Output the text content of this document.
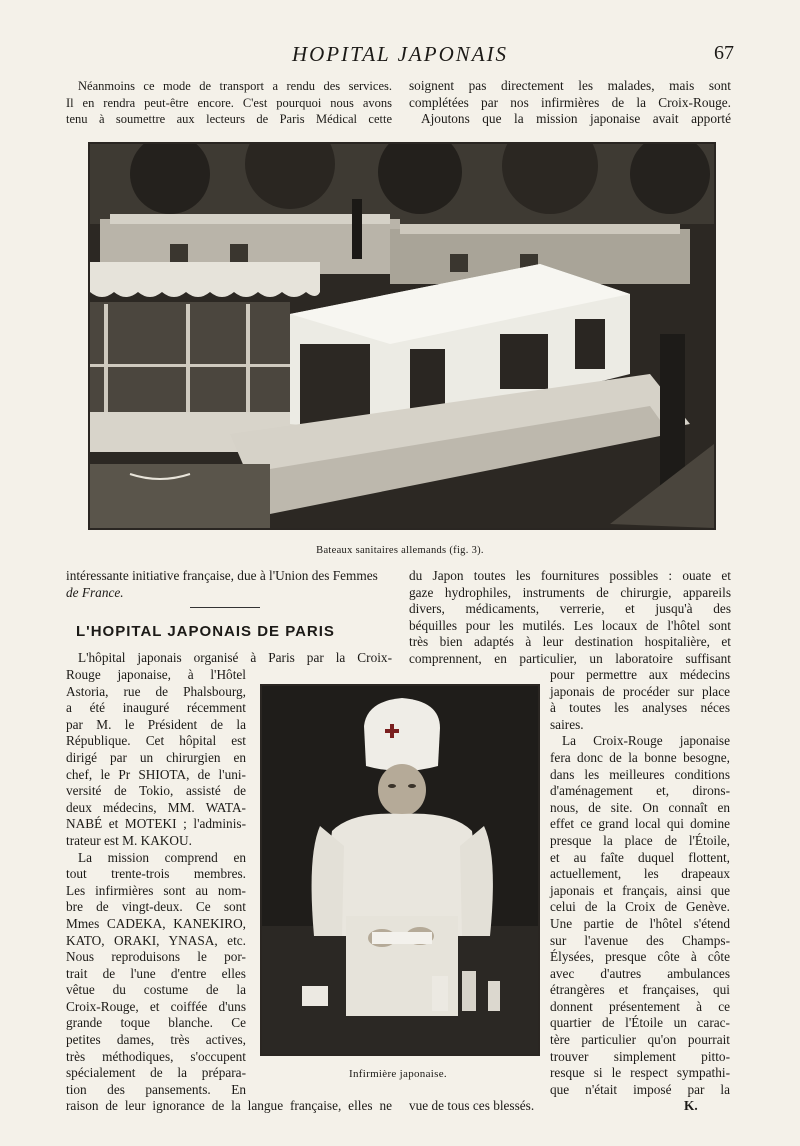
HOPITAL JAPONAIS	67
Néanmoins ce mode de transport a rendu des services.
Il en rendra peut-être encore. C'est pourquoi nous avons
tenu à soumettre aux lecteurs de Paris Médical cette
soignent pas directement les malades, mais sont
complétées par nos infirmières de la Croix-Rouge.
Ajoutons que la mission japonaise avait apporté
Bateaux sanitaires allemands (fig. 3).
intéressante initiative française, due à l'Union des Femmes
de France.
L'HOPITAL JAPONAIS DE PARIS
du Japon toutes les fournitures possibles : ouate et
gaze hydrophiles, instruments de chirurgie, appareils
divers, médicaments, verrerie, et jusqu'à des
béquilles pour les mutilés. Les locaux de l'hôtel sont
très bien adaptés à leur destination hospitalière, et
comprennent, en particulier, un laboratoire suffisant
Infirmière japonaise.
L'hôpital japonais organisé à Paris par la Croix-
Rouge japonaise, à l'Hôtel
Astoria, rue de Phalsbourg,
a été inauguré récemment
par M. le Président de la
République. Cet hôpital est
dirigé par un chirurgien en
chef, le Pr SHIOTA, de l'uni-
versité de Tokio, assisté de
deux médecins, MM. WATA-
NABÉ et MOTEKI ; l'adminis-
trateur est M. KAKOU.
La mission comprend en
tout trente-trois membres.
Les infirmières sont au nom-
bre de vingt-deux. Ce sont
Mmes CADEKA, KANEKIRO,
KATO, ORAKI, YNASA, etc.
Nous reproduisons le por-
trait de l'une d'entre elles
vêtue du costume de la
Croix-Rouge, et coiffée d'uns
grande toque blanche. Ce
petites dames, très actives,
très méthodiques, s'occupent
spécialement de la prépara-
tion des pansements. En
pour permettre aux médecins
japonais de procéder sur place
à toutes les analyses néces
saires.
La Croix-Rouge japonaise
fera donc de la bonne besogne,
dans les meilleures conditions
d'aménagement et, dirons-
nous, de site. On connaît en
effet ce grand local qui domine
presque la place de l'Étoile,
et au faîte duquel flottent,
actuellement, les drapeaux
japonais et français, ainsi que
celui de la Croix de Genève.
Une partie de l'hôtel s'étend
sur l'avenue des Champs-
Élysées, presque côte à côte
avec d'autres ambulances
étrangères et françaises, qui
donnent présentement à ce
quartier de l'Étoile un carac-
tère particulier qu'on pourrait
trouver simplement pitto-
resque si le respect sympathi-
que n'était imposé par la
raison de leur ignorance de la langue française, elles ne vue de tous ces blessés.	K.
